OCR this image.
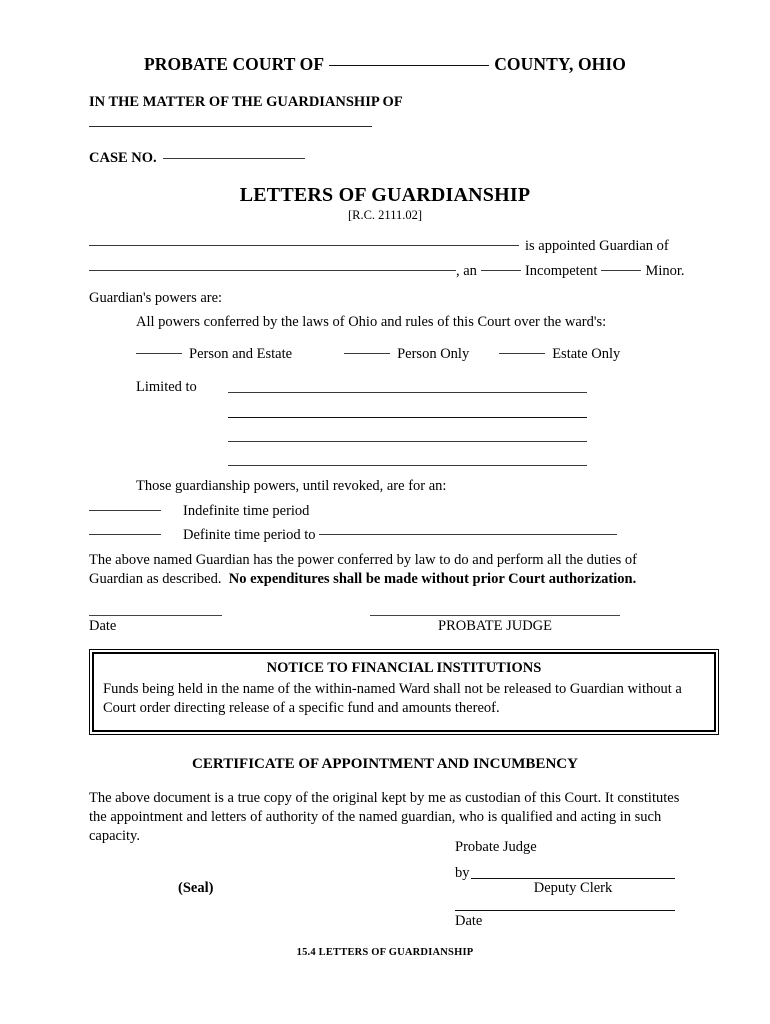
PROBATE COURT OF	COUNTY, OHIO
IN THE MATTER OF THE GUARDIANSHIP OF
CASE NO.
LETTERS OF GUARDIANSHIP
[R.C. 2111.02]
is appointed Guardian of
, an	Incompetent	Minor.
Guardian's powers are:
All powers conferred by the laws of Ohio and rules of this Court over the ward's:
Person and Estate	Person Only	Estate Only
Limited to
Those guardianship powers, until revoked, are for an:
Indefinite time period
Definite time period to
The above named Guardian has the power conferred by law to do and perform all the duties of Guardian as described. No expenditures shall be made without prior Court authorization.
Date	PROBATE JUDGE
NOTICE TO FINANCIAL INSTITUTIONS
Funds being held in the name of the within-named Ward shall not be released to Guardian without a Court order directing release of a specific fund and amounts thereof.
CERTIFICATE OF APPOINTMENT AND INCUMBENCY
The above document is a true copy of the original kept by me as custodian of this Court. It constitutes the appointment and letters of authority of the named guardian, who is qualified and acting in such capacity.
(Seal)
Probate Judge
by
Deputy Clerk
Date
15.4 LETTERS OF GUARDIANSHIP
